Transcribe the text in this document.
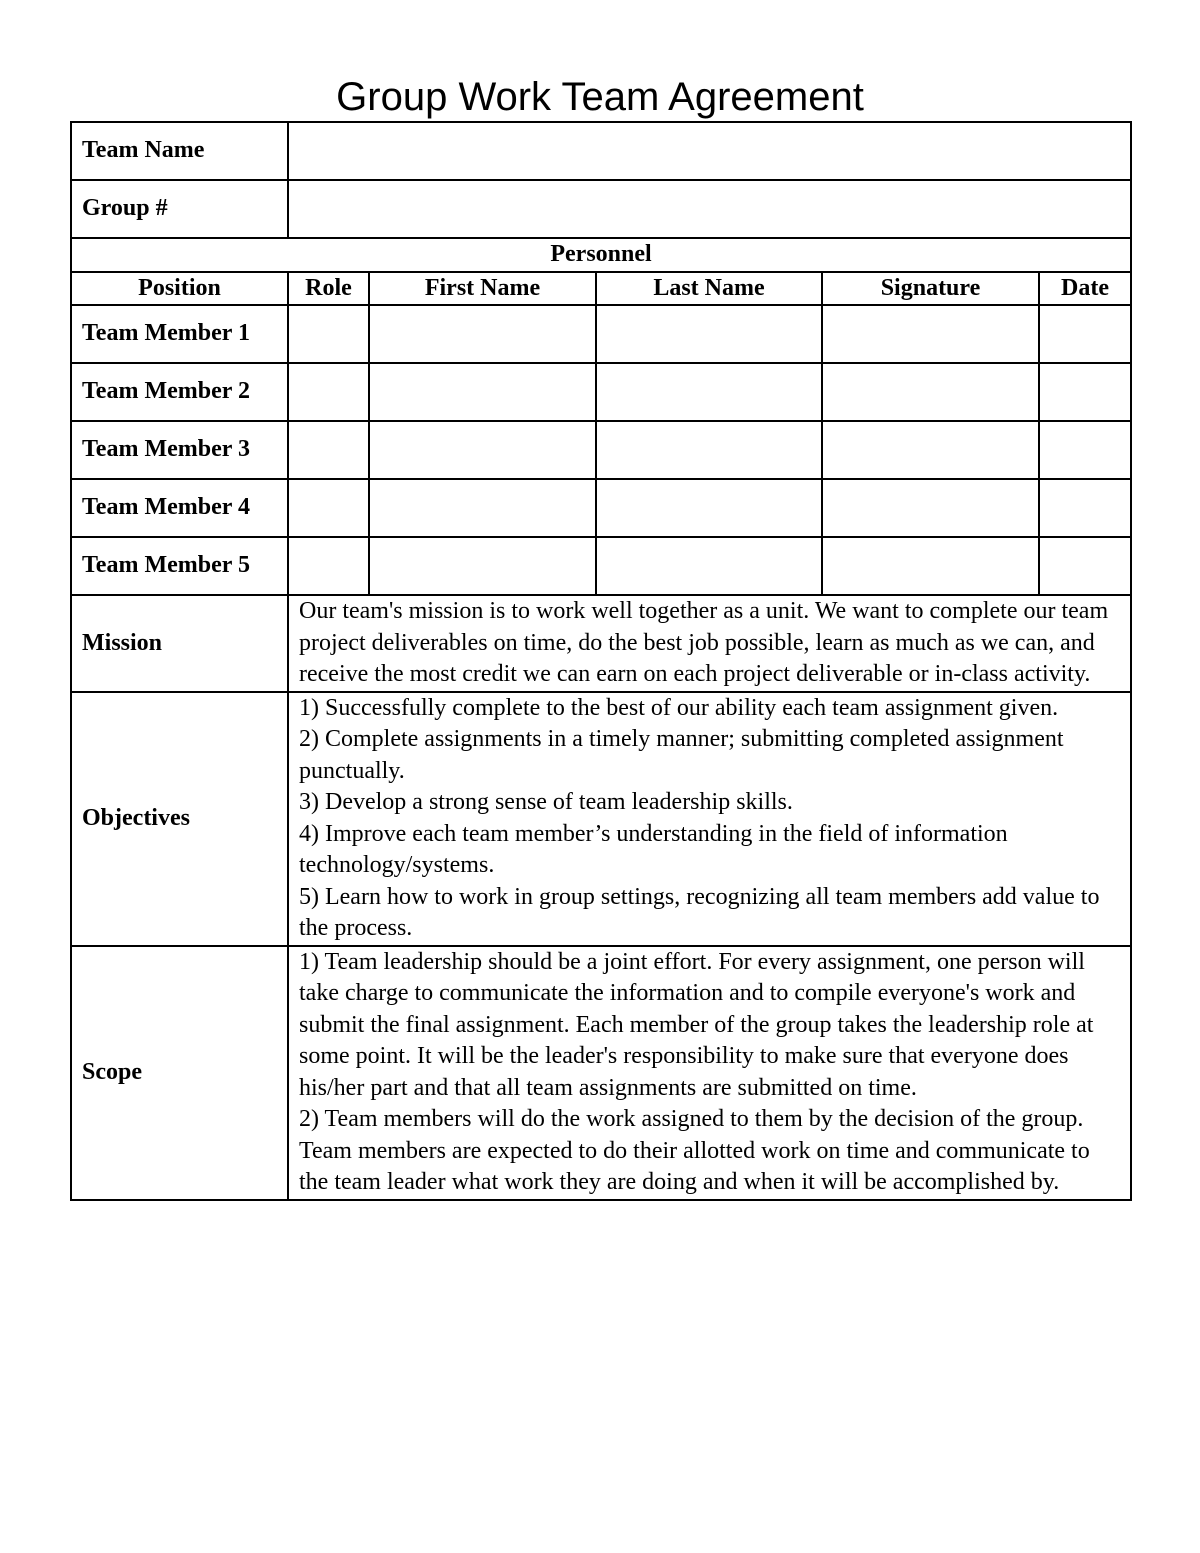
Group Work Team Agreement
Team Name					
Group #					
Personnel					
Position	Role	First Name	Last Name	Signature	Date
Team Member 1					
Team Member 2					
Team Member 3					
Team Member 4					
Team Member 5					
Mission	Our team's mission is to work well together as a unit. We want to complete our team project deliverables on time, do the best job possible, learn as much as we can, and receive the most credit we can earn on each project deliverable or in-class activity.				

Objectives	1) Successfully complete to the best of our ability each team assignment given.
2) Complete assignments in a timely manner; submitting completed assignment punctually.
3) Develop a strong sense of team leadership skills.
4) Improve each team member’s understanding in the field of information technology/systems.
5) Learn how to work in group settings, recognizing all team members add value to the process.				

Scope	1) Team leadership should be a joint effort. For every assignment, one person will take charge to communicate the information and to compile everyone's work and submit the final assignment. Each member of the group takes the leadership role at some point. It will be the leader's responsibility to make sure that everyone does his/her part and that all team assignments are submitted on time.
2) Team members will do the work assigned to them by the decision of the group. Team members are expected to do their allotted work on time and communicate to the team leader what work they are doing and when it will be accomplished by.				
